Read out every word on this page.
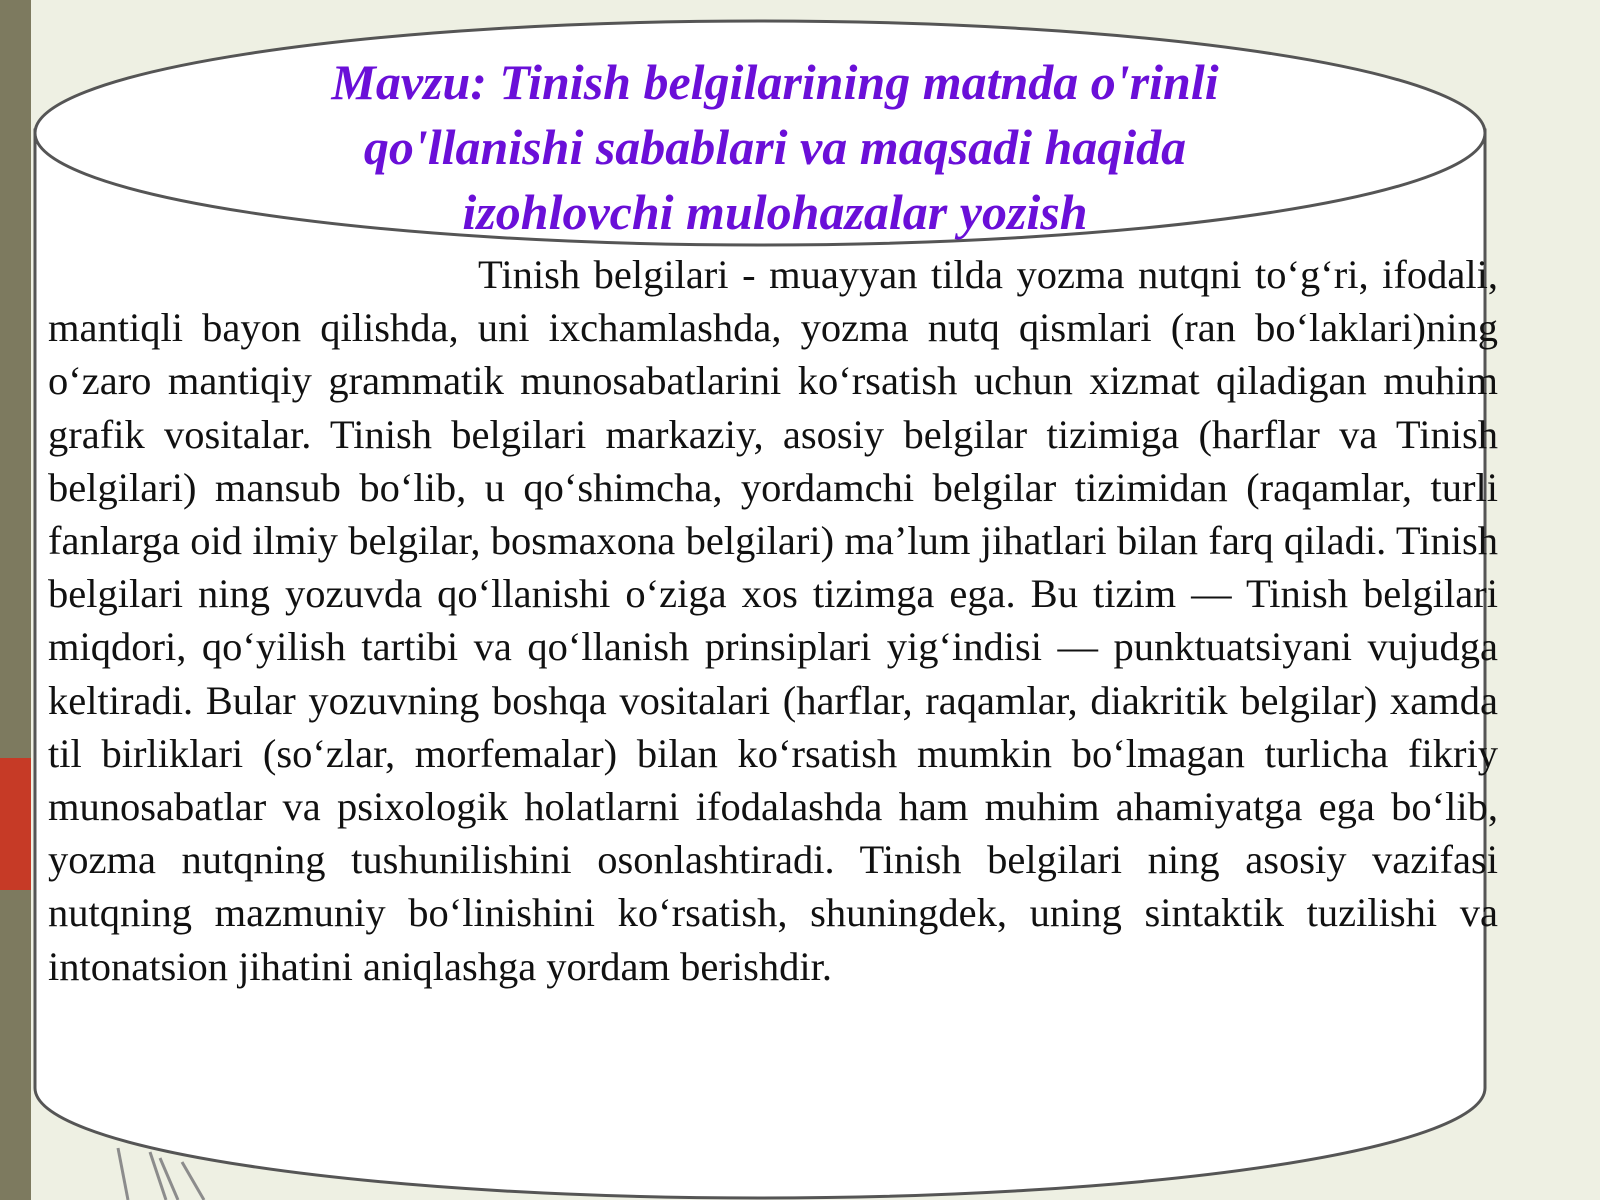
Mavzu: Tinish belgilarining matnda o'rinli
qo'llanishi sabablari va maqsadi haqida
izohlovchi mulohazalar yozish

Tinish belgilari - muayyan tilda yozma nutqni to‘g‘ri, ifodali, mantiqli bayon qilishda, uni ixchamlashda, yozma nutq qismlari (ran bo‘laklari)ning o‘zaro mantiqiy grammatik munosabatlarini ko‘rsatish uchun xizmat qiladigan muhim grafik vositalar. Tinish belgilari markaziy, asosiy belgilar tizimiga (harflar va Tinish belgilari) mansub bo‘lib, u qo‘shimcha, yordamchi belgilar tizimidan (raqamlar, turli fanlarga oid ilmiy belgilar, bosmaxona belgilari) ma’lum jihatlari bilan farq qiladi. Tinish belgilari ning yozuvda qo‘llanishi o‘ziga xos tizimga ega. Bu tizim — Tinish belgilari miqdori, qo‘yilish tartibi va qo‘llanish prinsiplari yig‘indisi — punktuatsiyani vujudga keltiradi. Bular yozuvning boshqa vositalari (harflar, raqamlar, diakritik belgilar) xamda til birliklari (so‘zlar, morfemalar) bilan ko‘rsatish mumkin bo‘lmagan turlicha fikriy munosabatlar va psixologik holatlarni ifodalashda ham muhim ahamiyatga ega bo‘lib, yozma nutqning tushunilishini osonlashtiradi. Tinish belgilari ning asosiy vazifasi nutqning mazmuniy bo‘linishini ko‘rsatish, shuningdek, uning sintaktik tuzilishi va intonatsion jihatini aniqlashga yordam berishdir.
